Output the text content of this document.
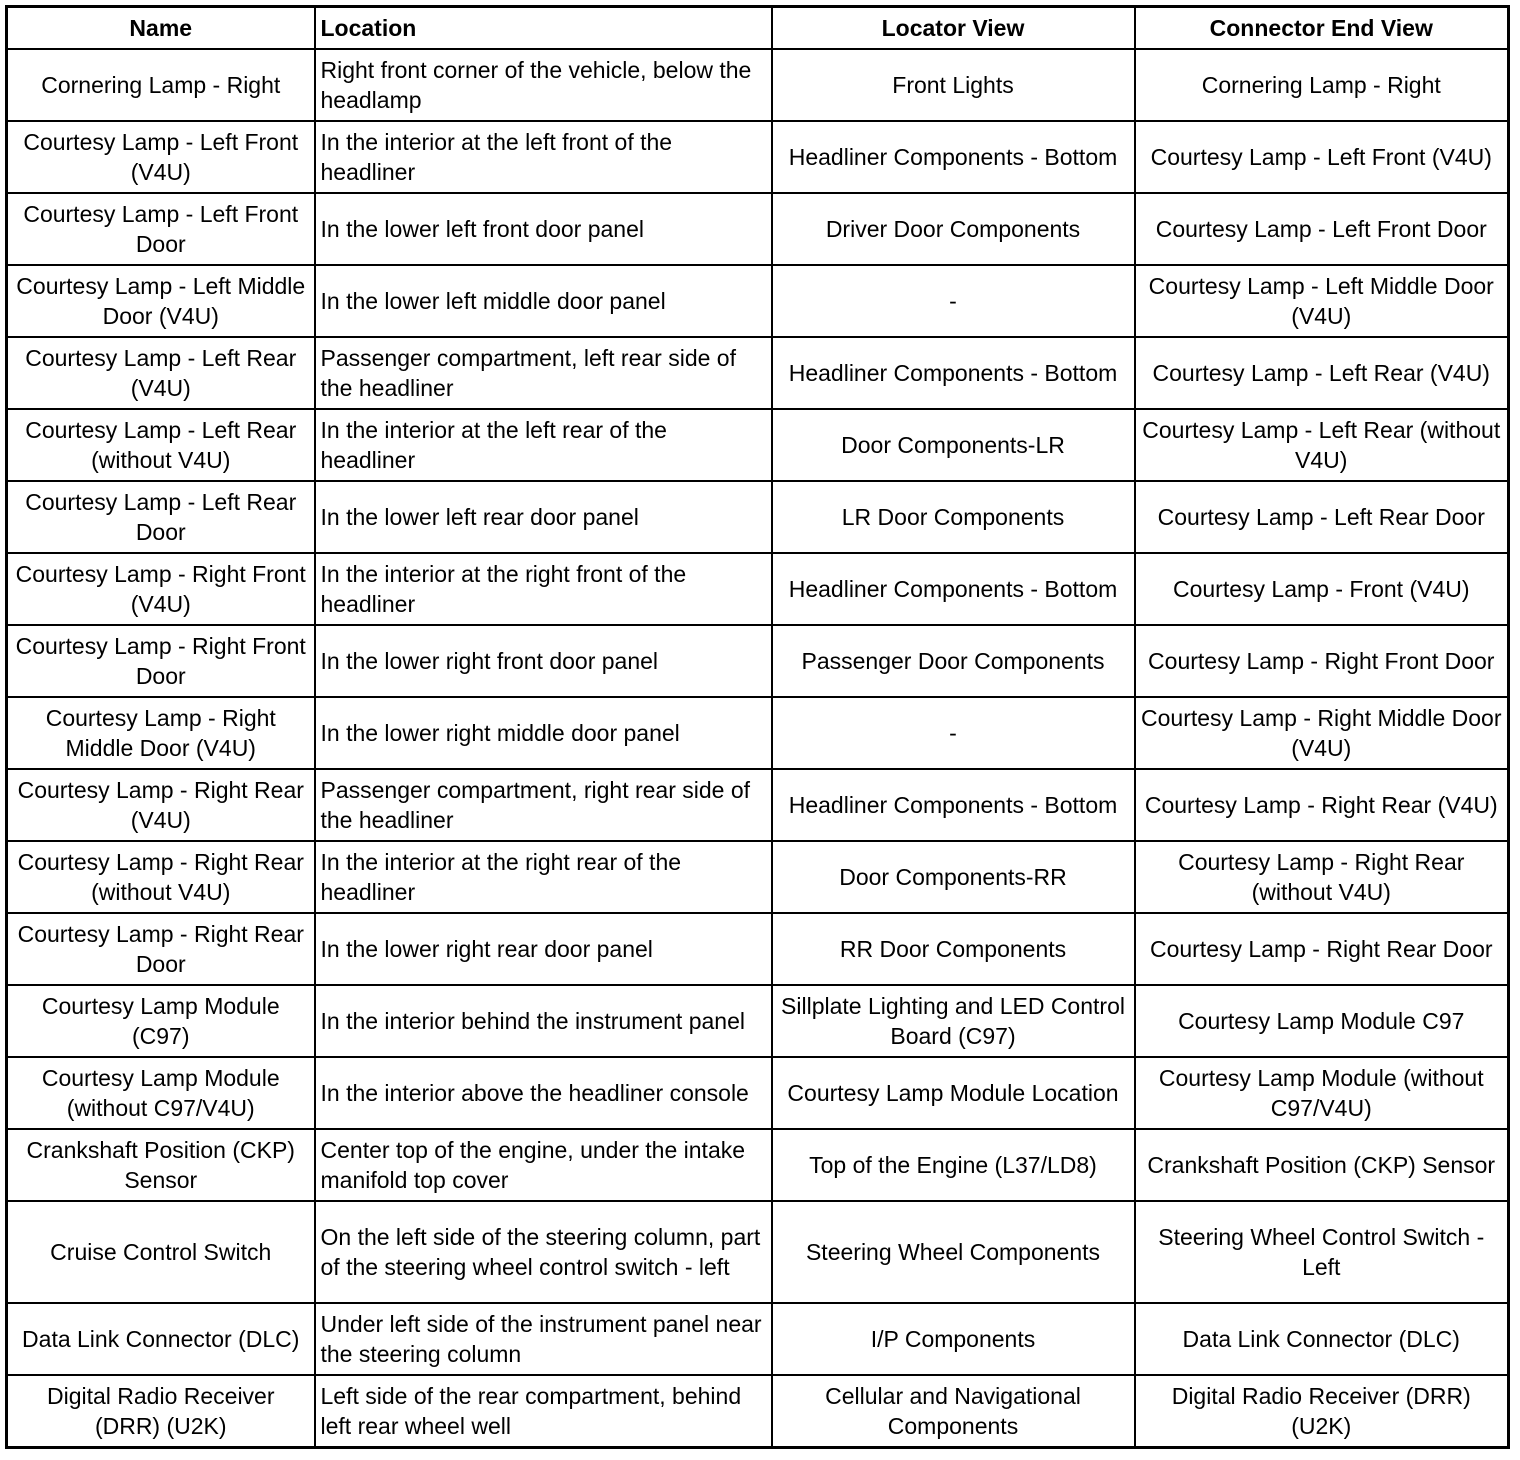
Name	Location	Locator View	Connector End View
Cornering Lamp - Right	Right front corner of the vehicle, below the headlamp	Front Lights	Cornering Lamp - Right
Courtesy Lamp - Left Front (V4U)	In the interior at the left front of the headliner	Headliner Components - Bottom	Courtesy Lamp - Left Front (V4U)
Courtesy Lamp - Left Front Door	In the lower left front door panel	Driver Door Components	Courtesy Lamp - Left Front Door
Courtesy Lamp - Left Middle Door (V4U)	In the lower left middle door panel	-	Courtesy Lamp - Left Middle Door (V4U)
Courtesy Lamp - Left Rear (V4U)	Passenger compartment, left rear side of the headliner	Headliner Components - Bottom	Courtesy Lamp - Left Rear (V4U)
Courtesy Lamp - Left Rear (without V4U)	In the interior at the left rear of the headliner	Door Components-LR	Courtesy Lamp - Left Rear (without V4U)
Courtesy Lamp - Left Rear Door	In the lower left rear door panel	LR Door Components	Courtesy Lamp - Left Rear Door
Courtesy Lamp - Right Front (V4U)	In the interior at the right front of the headliner	Headliner Components - Bottom	Courtesy Lamp - Front (V4U)
Courtesy Lamp - Right Front Door	In the lower right front door panel	Passenger Door Components	Courtesy Lamp - Right Front Door
Courtesy Lamp - Right Middle Door (V4U)	In the lower right middle door panel	-	Courtesy Lamp - Right Middle Door (V4U)
Courtesy Lamp - Right Rear (V4U)	Passenger compartment, right rear side of the headliner	Headliner Components - Bottom	Courtesy Lamp - Right Rear (V4U)
Courtesy Lamp - Right Rear (without V4U)	In the interior at the right rear of the headliner	Door Components-RR	Courtesy Lamp - Right Rear (without V4U)
Courtesy Lamp - Right Rear Door	In the lower right rear door panel	RR Door Components	Courtesy Lamp - Right Rear Door
Courtesy Lamp Module (C97)	In the interior behind the instrument panel	Sillplate Lighting and LED Control Board (C97)	Courtesy Lamp Module C97
Courtesy Lamp Module (without C97/V4U)	In the interior above the headliner console	Courtesy Lamp Module Location	Courtesy Lamp Module (without C97/V4U)
Crankshaft Position (CKP) Sensor	Center top of the engine, under the intake manifold top cover	Top of the Engine (L37/LD8)	Crankshaft Position (CKP) Sensor
Cruise Control Switch	On the left side of the steering column, part of the steering wheel control switch - left	Steering Wheel Components	Steering Wheel Control Switch - Left
Data Link Connector (DLC)	Under left side of the instrument panel near the steering column	I/P Components	Data Link Connector (DLC)
Digital Radio Receiver (DRR) (U2K)	Left side of the rear compartment, behind left rear wheel well	Cellular and Navigational Components	Digital Radio Receiver (DRR) (U2K)
